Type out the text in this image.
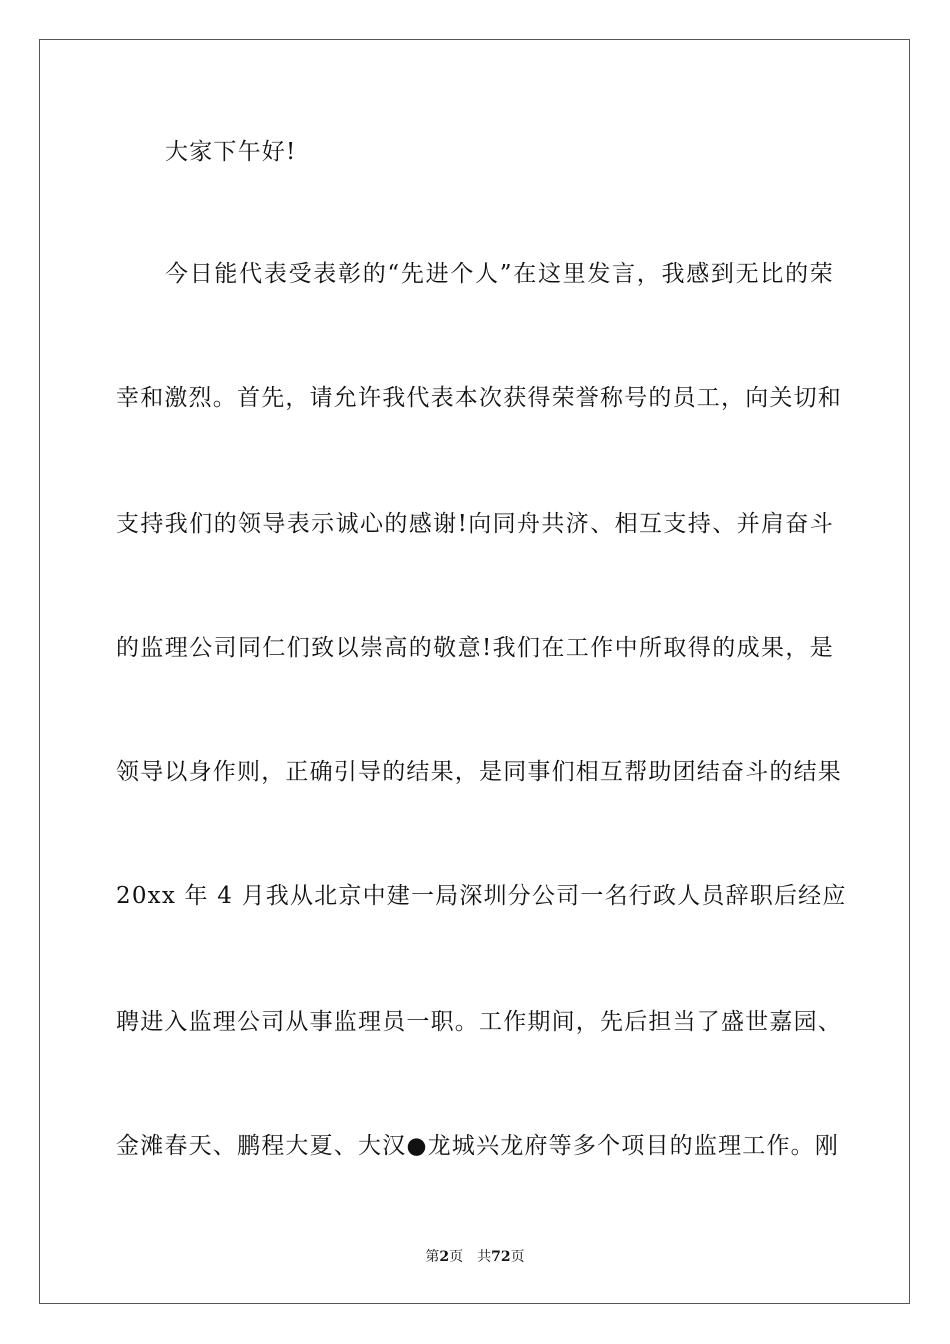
大家下午好!
今日能代表受表彰的“先进个人”在这里发言，我感到无比的荣
幸和激烈。首先，请允许我代表本次获得荣誉称号的员工，向关切和
支持我们的领导表示诚心的感谢!向同舟共济、相互支持、并肩奋斗
的监理公司同仁们致以崇高的敬意!我们在工作中所取得的成果，是
领导以身作则，正确引导的结果，是同事们相互帮助团结奋斗的结果
20xx 年 4 月我从北京中建一局深圳分公司一名行政人员辞职后经应
聘进入监理公司从事监理员一职。工作期间，先后担当了盛世嘉园、
金滩春天、鹏程大夏、大汉●龙城兴龙府等多个项目的监理工作。刚
第2页 共72页
